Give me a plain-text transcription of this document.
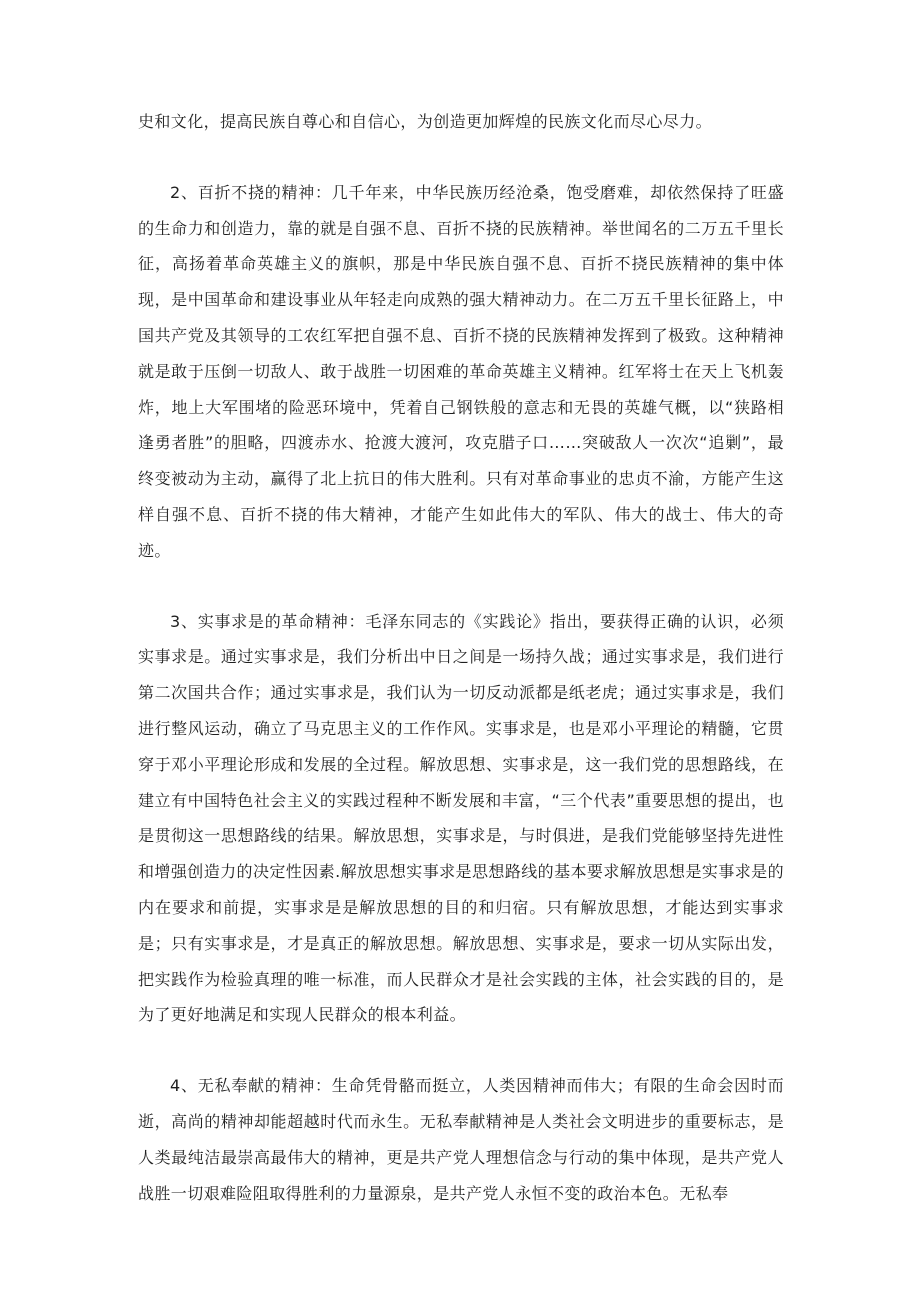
史和文化，提高民族自尊心和自信心，为创造更加辉煌的民族文化而尽心尽力。

2、百折不挠的精神：几千年来，中华民族历经沧桑，饱受磨难，却依然保持了旺盛的生命力和创造力，靠的就是自强不息、百折不挠的民族精神。举世闻名的二万五千里长征，高扬着革命英雄主义的旗帜，那是中华民族自强不息、百折不挠民族精神的集中体现，是中国革命和建设事业从年轻走向成熟的强大精神动力。在二万五千里长征路上，中国共产党及其领导的工农红军把自强不息、百折不挠的民族精神发挥到了极致。这种精神就是敢于压倒一切敌人、敢于战胜一切困难的革命英雄主义精神。红军将士在天上飞机轰炸，地上大军围堵的险恶环境中，凭着自己钢铁般的意志和无畏的英雄气概，以“狭路相逢勇者胜”的胆略，四渡赤水、抢渡大渡河，攻克腊子口……突破敌人一次次“追剿”，最终变被动为主动，赢得了北上抗日的伟大胜利。只有对革命事业的忠贞不渝，方能产生这样自强不息、百折不挠的伟大精神，才能产生如此伟大的军队、伟大的战士、伟大的奇迹。

3、实事求是的革命精神：毛泽东同志的《实践论》指出，要获得正确的认识，必须实事求是。通过实事求是，我们分析出中日之间是一场持久战；通过实事求是，我们进行第二次国共合作；通过实事求是，我们认为一切反动派都是纸老虎；通过实事求是，我们进行整风运动，确立了马克思主义的工作作风。实事求是，也是邓小平理论的精髓，它贯穿于邓小平理论形成和发展的全过程。解放思想、实事求是，这一我们党的思想路线，在建立有中国特色社会主义的实践过程种不断发展和丰富，“三个代表”重要思想的提出，也是贯彻这一思想路线的结果。解放思想，实事求是，与时俱进，是我们党能够坚持先进性和增强创造力的决定性因素.解放思想实事求是思想路线的基本要求解放思想是实事求是的内在要求和前提，实事求是是解放思想的目的和归宿。只有解放思想，才能达到实事求是；只有实事求是，才是真正的解放思想。解放思想、实事求是，要求一切从实际出发，把实践作为检验真理的唯一标准，而人民群众才是社会实践的主体，社会实践的目的，是为了更好地满足和实现人民群众的根本利益。

4、无私奉献的精神：生命凭骨骼而挺立，人类因精神而伟大；有限的生命会因时而逝，高尚的精神却能超越时代而永生。无私奉献精神是人类社会文明进步的重要标志，是人类最纯洁最崇高最伟大的精神，更是共产党人理想信念与行动的集中体现，是共产党人战胜一切艰难险阻取得胜利的力量源泉，是共产党人永恒不变的政治本色。无私奉
